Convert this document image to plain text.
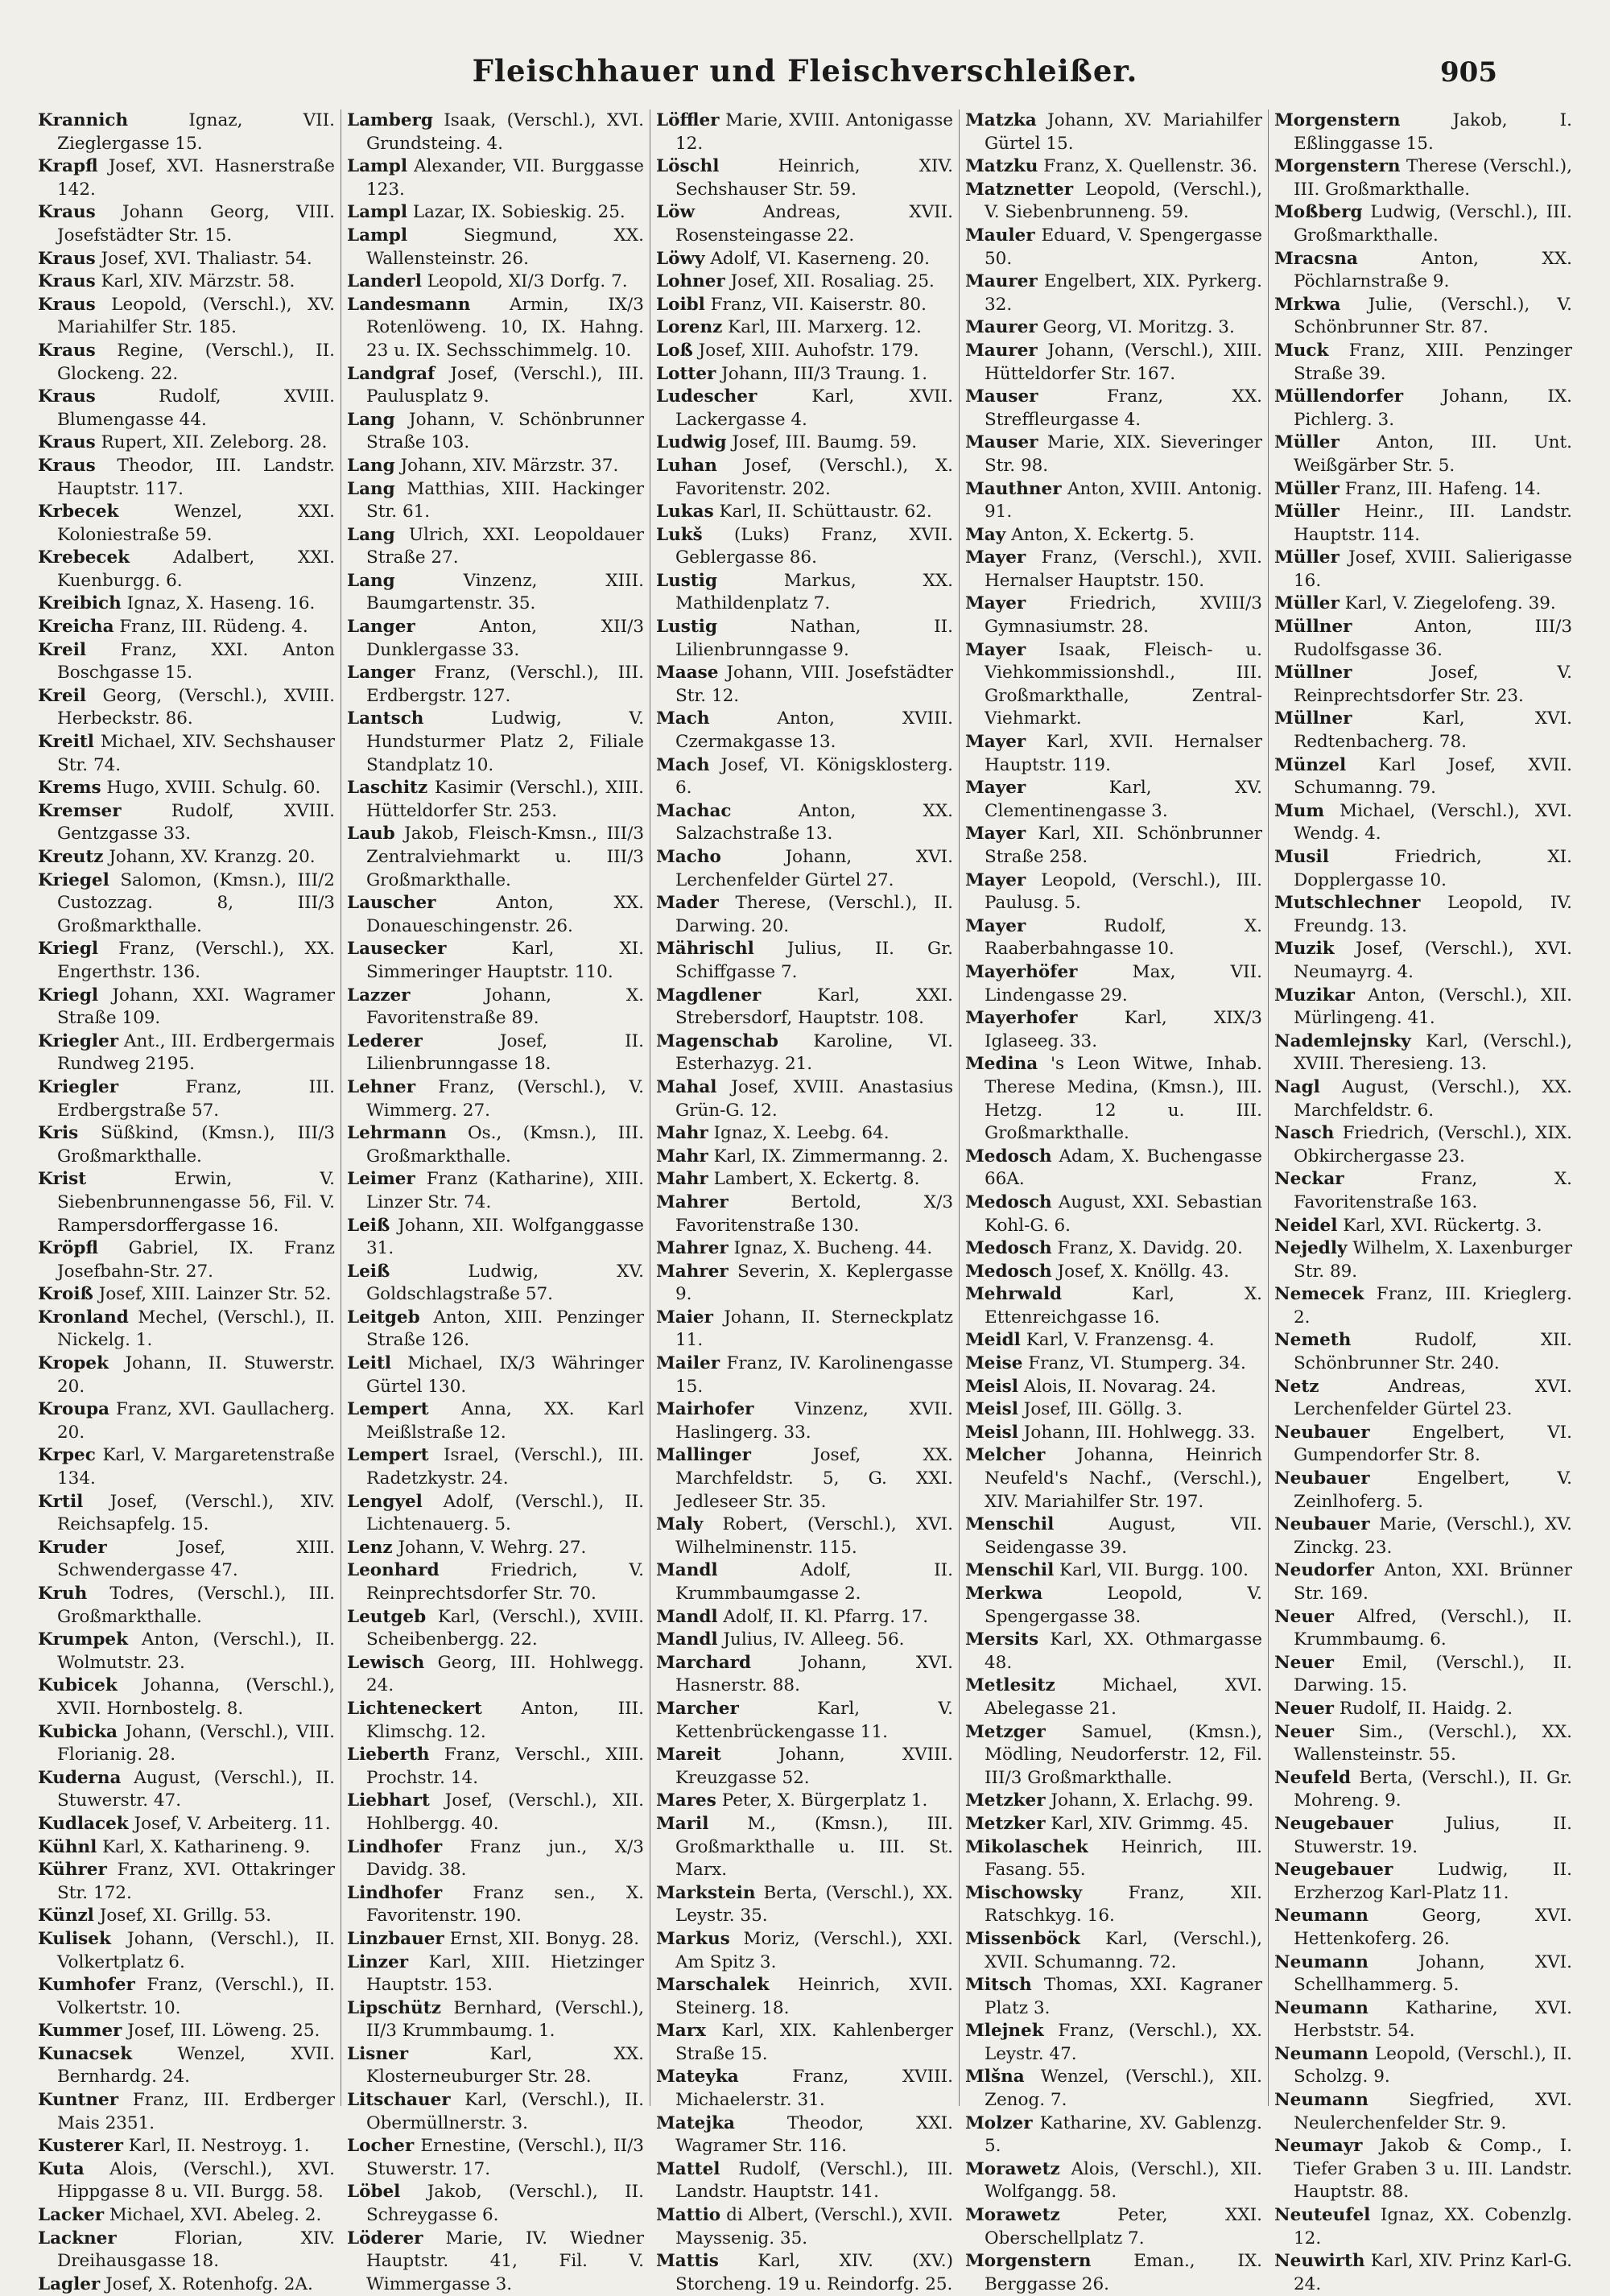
Fleischhauer und Fleischverschleißer.	905

Krannich	Ignaz, VII. Zieglergasse 15.

Krapfl Josef, XVI. Hasnerstraße 142.

Kraus Johann Georg, VIII. Josefstädter Str. 15.

Kraus Josef, XVI. Thaliastr. 54.

Kraus Karl, XIV. Märzstr. 58.

Kraus Leopold, (Verschl.), XV. Mariahilfer Str. 185.

Kraus Regine, (Verschl.), II. Glockeng. 22.

Kraus	Rudolf, XVIII. Blumengasse 44.

Kraus Rupert, XII. Zeleborg. 28.

Kraus Theodor, III. Landstr. Hauptstr. 117.

Krbecek	Wenzel, XXI. Koloniestraße 59.

Krebecek	Adalbert, XXI. Kuenburgg. 6.

Kreibich Ignaz, X. Haseng. 16.

Kreicha Franz, III. Rüdeng. 4.

Kreil Franz, XXI. Anton Boschgasse 15.

Kreil Georg, (Verschl.), XVIII. Herbeckstr. 86.

Kreitl Michael, XIV. Sechshauser Str. 74.

Krems Hugo, XVIII. Schulg. 60.

Kremser	Rudolf, XVIII. Gentzgasse 33.

Kreutz Johann, XV. Kranzg. 20.

Kriegel Salomon, (Kmsn.), III/2 Custozzag. 8, III/3 Großmarkthalle.

Kriegl Franz, (Verschl.), XX. Engerthstr. 136.

Kriegl Johann, XXI. Wagramer Straße 109.

Kriegler Ant., III. Erdbergermais Rundweg 2195.

Kriegler	Franz, III. Erdbergstraße 57.

Kris Süßkind, (Kmsn.), III/3 Großmarkthalle.

Krist	Erwin, V. Siebenbrunnengasse 56, Fil. V. Rampersdorffergasse 16.

Kröpfl Gabriel, IX. Franz Josefbahn-Str. 27.

Kroiß Josef, XIII. Lainzer Str. 52.

Kronland Mechel, (Verschl.), II. Nickelg. 1.

Kropek Johann, II. Stuwerstr. 20.

Kroupa Franz, XVI. Gaullacherg. 20.

Krpec Karl, V. Margaretenstraße 134.

Krtil Josef, (Verschl.), XIV. Reichsapfelg. 15.

Kruder	Josef, XIII. Schwendergasse 47.

Kruh Todres, (Verschl.), III. Großmarkthalle.

Krumpek Anton, (Verschl.), II. Wolmutstr. 23.

Kubicek Johanna, (Verschl.), XVII. Hornbostelg. 8.

Kubicka Johann, (Verschl.), VIII. Florianig. 28.

Kuderna August, (Verschl.), II. Stuwerstr. 47.

Kudlacek Josef, V. Arbeiterg. 11.

Kühnl Karl, X. Katharineng. 9.

Kührer Franz, XVI. Ottakringer Str. 172.

Künzl Josef, XI. Grillg. 53.

Kulisek Johann, (Verschl.), II. Volkertplatz 6.

Kumhofer Franz, (Verschl.), II. Volkertstr. 10.

Kummer Josef, III. Löweng. 25.

Kunacsek	Wenzel, XVII. Bernhardg. 24.

Kuntner Franz, III. Erdberger Mais 2351.

Kusterer Karl, II. Nestroyg. 1.

Kuta Alois, (Verschl.), XVI. Hippgasse 8 u. VII. Burgg. 58.

Lacker Michael, XVI. Abeleg. 2.

Lackner	Florian, XIV. Dreihausgasse 18.

Lagler Josef, X. Rotenhofg. 2A.

Lamberg Isaak, (Verschl.), XVI. Grundsteing. 4.

Lampl Alexander, VII. Burggasse 123.

Lampl Lazar, IX. Sobieskig. 25.

Lampl	Siegmund, XX. Wallensteinstr. 26.

Landerl Leopold, XI/3 Dorfg. 7.

Landesmann Armin, IX/3 Rotenlöweng. 10, IX. Hahng. 23 u. IX. Sechsschimmelg. 10.

Landgraf Josef, (Verschl.), III. Paulusplatz 9.

Lang Johann, V. Schönbrunner Straße 103.

Lang Johann, XIV. Märzstr. 37.

Lang Matthias, XIII. Hackinger Str. 61.

Lang Ulrich, XXI. Leopoldauer Straße 27.

Lang	Vinzenz, XIII. Baumgartenstr. 35.

Langer	Anton, XII/3 Dunklergasse 33.

Langer Franz, (Verschl.), III. Erdbergstr. 127.

Lantsch	Ludwig, V. Hundsturmer Platz 2, Filiale Standplatz 10.

Laschitz Kasimir (Verschl.), XIII. Hütteldorfer Str. 253.

Laub Jakob, Fleisch-Kmsn., III/3 Zentralviehmarkt u. III/3 Großmarkthalle.

Lauscher	Anton, XX. Donaueschingenstr. 26.

Lausecker	Karl, XI. Simmeringer Hauptstr. 110.

Lazzer	Johann, X. Favoritenstraße 89.

Lederer	Josef, II. Lilienbrunngasse 18.

Lehner Franz, (Verschl.), V. Wimmerg. 27.

Lehrmann Os., (Kmsn.), III. Großmarkthalle.

Leimer Franz (Katharine), XIII. Linzer Str. 74.

Leiß Johann, XII. Wolfganggasse 31.

Leiß	Ludwig, XV. Goldschlagstraße 57.

Leitgeb Anton, XIII. Penzinger Straße 126.

Leitl Michael, IX/3 Währinger Gürtel 130.

Lempert Anna, XX. Karl Meißlstraße 12.

Lempert Israel, (Verschl.), III. Radetzkystr. 24.

Lengyel Adolf, (Verschl.), II. Lichtenauerg. 5.

Lenz Johann, V. Wehrg. 27.

Leonhard	Friedrich, V. Reinprechtsdorfer Str. 70.

Leutgeb Karl, (Verschl.), XVIII. Scheibenbergg. 22.

Lewisch Georg, III. Hohlwegg. 24.

Lichteneckert Anton, III. Klimschg. 12.

Lieberth Franz, Verschl., XIII. Prochstr. 14.

Liebhart Josef, (Verschl.), XII. Hohlbergg. 40.

Lindhofer Franz jun., X/3 Davidg. 38.

Lindhofer Franz sen., X. Favoritenstr. 190.

Linzbauer Ernst, XII. Bonyg. 28.

Linzer Karl, XIII. Hietzinger Hauptstr. 153.

Lipschütz Bernhard, (Verschl.), II/3 Krummbaumg. 1.

Lisner	Karl, XX. Klosterneuburger Str. 28.

Litschauer Karl, (Verschl.), II. Obermüllnerstr. 3.

Locher Ernestine, (Verschl.), II/3 Stuwerstr. 17.

Löbel Jakob, (Verschl.), II. Schreygasse 6.

Löderer Marie, IV. Wiedner Hauptstr. 41, Fil. V. Wimmergasse 3.

Löffler Marie, XVIII. Antonigasse 12.

Löschl	Heinrich, XIV. Sechshauser Str. 59.

Löw	Andreas, XVII. Rosensteingasse 22.

Löwy Adolf, VI. Kaserneng. 20.

Lohner Josef, XII. Rosaliag. 25.

Loibl Franz, VII. Kaiserstr. 80.

Lorenz Karl, III. Marxerg. 12.

Loß Josef, XIII. Auhofstr. 179.

Lotter Johann, III/3 Traung. 1.

Ludescher	Karl, XVII. Lackergasse 4.

Ludwig Josef, III. Baumg. 59.

Luhan Josef, (Verschl.), X. Favoritenstr. 202.

Lukas Karl, II. Schüttaustr. 62.

Lukš (Luks) Franz, XVII. Geblergasse 86.

Lustig	Markus, XX. Mathildenplatz 7.

Lustig	Nathan, II. Lilienbrunngasse 9.

Maase Johann, VIII. Josefstädter Str. 12.

Mach	Anton, XVIII. Czermakgasse 13.

Mach Josef, VI. Königsklosterg. 6.

Machac	Anton, XX. Salzachstraße 13.

Macho	Johann, XVI. Lerchenfelder Gürtel 27.

Mader Therese, (Verschl.), II. Darwing. 20.

Mährischl Julius, II. Gr. Schiffgasse 7.

Magdlener	Karl, XXI. Strebersdorf, Hauptstr. 108.

Magenschab Karoline, VI. Esterhazyg. 21.

Mahal Josef, XVIII. Anastasius Grün-G. 12.

Mahr Ignaz, X. Leebg. 64.

Mahr Karl, IX. Zimmermanng. 2.

Mahr Lambert, X. Eckertg. 8.

Mahrer	Bertold, X/3 Favoritenstraße 130.

Mahrer Ignaz, X. Bucheng. 44.

Mahrer Severin, X. Keplergasse 9.

Maier Johann, II. Sterneckplatz 11.

Mailer Franz, IV. Karolinengasse 15.

Mairhofer Vinzenz, XVII. Haslingerg. 33.

Mallinger	Josef, XX. Marchfeldstr. 5, G. XXI. Jedleseer Str. 35.

Maly Robert, (Verschl.), XVI. Wilhelminenstr. 115.

Mandl	Adolf, II. Krummbaumgasse 2.

Mandl Adolf, II. Kl. Pfarrg. 17.

Mandl Julius, IV. Alleeg. 56.

Marchard	Johann, XVI. Hasnerstr. 88.

Marcher	Karl, V. Kettenbrückengasse 11.

Mareit	Johann, XVIII. Kreuzgasse 52.

Mares Peter, X. Bürgerplatz 1.

Maril M., (Kmsn.), III. Großmarkthalle u. III. St. Marx.

Markstein Berta, (Verschl.), XX. Leystr. 35.

Markus Moriz, (Verschl.), XXI. Am Spitz 3.

Marschalek Heinrich, XVII. Steinerg. 18.

Marx Karl, XIX. Kahlenberger Straße 15.

Mateyka	Franz, XVIII. Michaelerstr. 31.

Matejka	Theodor, XXI. Wagramer Str. 116.

Mattel Rudolf, (Verschl.), III. Landstr. Hauptstr. 141.

Mattio di Albert, (Verschl.), XVII. Mayssenig. 35.

Mattis Karl, XIV. (XV.) Storcheng. 19 u. Reindorfg. 25.

Matzka Johann, XV. Mariahilfer Gürtel 15.

Matzku Franz, X. Quellenstr. 36.

Matznetter Leopold, (Verschl.), V. Siebenbrunneng. 59.

Mauler Eduard, V. Spengergasse 50.

Maurer Engelbert, XIX. Pyrkerg. 32.

Maurer Georg, VI. Moritzg. 3.

Maurer Johann, (Verschl.), XIII. Hütteldorfer Str. 167.

Mauser	Franz, XX. Streffleurgasse 4.

Mauser Marie, XIX. Sieveringer Str. 98.

Mauthner Anton, XVIII. Antonig. 91.

May Anton, X. Eckertg. 5.

Mayer Franz, (Verschl.), XVII. Hernalser Hauptstr. 150.

Mayer	Friedrich, XVIII/3 Gymnasiumstr. 28.

Mayer Isaak, Fleisch- u. Viehkommissionshdl., III. Großmarkthalle, Zentral-Viehmarkt.

Mayer Karl, XVII. Hernalser Hauptstr. 119.

Mayer	Karl, XV. Clementinengasse 3.

Mayer Karl, XII. Schönbrunner Straße 258.

Mayer Leopold, (Verschl.), III. Paulusg. 5.

Mayer	Rudolf, X. Raaberbahngasse 10.

Mayerhöfer	Max, VII. Lindengasse 29.

Mayerhofer	Karl, XIX/3 Iglaseeg. 33.

Medina 's Leon Witwe, Inhab. Therese Medina, (Kmsn.), III. Hetzg. 12 u. III. Großmarkthalle.

Medosch Adam, X. Buchengasse 66A.

Medosch August, XXI. Sebastian Kohl-G. 6.

Medosch Franz, X. Davidg. 20.

Medosch Josef, X. Knöllg. 43.

Mehrwald	Karl, X. Ettenreichgasse 16.

Meidl Karl, V. Franzensg. 4.

Meise Franz, VI. Stumperg. 34.

Meisl Alois, II. Novarag. 24.

Meisl Josef, III. Göllg. 3.

Meisl Johann, III. Hohlwegg. 33.

Melcher Johanna, Heinrich Neufeld's Nachf., (Verschl.), XIV. Mariahilfer Str. 197.

Menschil	August, VII. Seidengasse 39.

Menschil Karl, VII. Burgg. 100.

Merkwa	Leopold, V. Spengergasse 38.

Mersits Karl, XX. Othmargasse 48.

Metlesitz	Michael, XVI. Abelegasse 21.

Metzger Samuel, (Kmsn.), Mödling, Neudorferstr. 12, Fil. III/3 Großmarkthalle.

Metzker Johann, X. Erlachg. 99.

Metzker Karl, XIV. Grimmg. 45.

Mikolaschek Heinrich, III. Fasang. 55.

Mischowsky	Franz, XII. Ratschkyg. 16.

Missenböck Karl, (Verschl.), XVII. Schumanng. 72.

Mitsch Thomas, XXI. Kagraner Platz 3.

Mlejnek Franz, (Verschl.), XX. Leystr. 47.

Mlšna Wenzel, (Verschl.), XII. Zenog. 7.

Molzer Katharine, XV. Gablenzg. 5.

Morawetz Alois, (Verschl.), XII. Wolfgangg. 58.

Morawetz	Peter, XXI. Oberschellplatz 7.

Morgenstern Eman., IX. Berggasse 26.

Morgenstern	Jakob, I. Eßlinggasse 15.

Morgenstern Therese (Verschl.), III. Großmarkthalle.

Moßberg Ludwig, (Verschl.), III. Großmarkthalle.

Mracsna	Anton, XX. Pöchlarnstraße 9.

Mrkwa Julie, (Verschl.), V. Schönbrunner Str. 87.

Muck Franz, XIII. Penzinger Straße 39.

Müllendorfer Johann, IX. Pichlerg. 3.

Müller Anton, III. Unt. Weißgärber Str. 5.

Müller Franz, III. Hafeng. 14.

Müller Heinr., III. Landstr. Hauptstr. 114.

Müller Josef, XVIII. Salierigasse 16.

Müller Karl, V. Ziegelofeng. 39.

Müllner	Anton, III/3 Rudolfsgasse 36.

Müllner	Josef, V. Reinprechtsdorfer Str. 23.

Müllner	Karl, XVI. Redtenbacherg. 78.

Münzel Karl Josef, XVII. Schumanng. 79.

Mum Michael, (Verschl.), XVI. Wendg. 4.

Musil	Friedrich, XI. Dopplergasse 10.

Mutschlechner Leopold, IV. Freundg. 13.

Muzik Josef, (Verschl.), XVI. Neumayrg. 4.

Muzikar Anton, (Verschl.), XII. Mürlingeng. 41.

Nademlejnsky Karl, (Verschl.), XVIII. Theresieng. 13.

Nagl August, (Verschl.), XX. Marchfeldstr. 6.

Nasch Friedrich, (Verschl.), XIX. Obkirchergasse 23.

Neckar	Franz, X. Favoritenstraße 163.

Neidel Karl, XVI. Rückertg. 3.

Nejedly Wilhelm, X. Laxenburger Str. 89.

Nemecek Franz, III. Krieglerg. 2.

Nemeth	Rudolf, XII. Schönbrunner Str. 240.

Netz	Andreas, XVI. Lerchenfelder Gürtel 23.

Neubauer Engelbert, VI. Gumpendorfer Str. 8.

Neubauer	Engelbert, V. Zeinlhoferg. 5.

Neubauer Marie, (Verschl.), XV. Zinckg. 23.

Neudorfer Anton, XXI. Brünner Str. 169.

Neuer Alfred, (Verschl.), II. Krummbaumg. 6.

Neuer Emil, (Verschl.), II. Darwing. 15.

Neuer Rudolf, II. Haidg. 2.

Neuer Sim., (Verschl.), XX. Wallensteinstr. 55.

Neufeld Berta, (Verschl.), II. Gr. Mohreng. 9.

Neugebauer	Julius, II. Stuwerstr. 19.

Neugebauer	Ludwig, II. Erzherzog Karl-Platz 11.

Neumann	Georg, XVI. Hettenkoferg. 26.

Neumann	Johann, XVI. Schellhammerg. 5.

Neumann Katharine, XVI. Herbststr. 54.

Neumann Leopold, (Verschl.), II. Scholzg. 9.

Neumann Siegfried, XVI. Neulerchenfelder Str. 9.

Neumayr Jakob & Comp., I. Tiefer Graben 3 u. III. Landstr. Hauptstr. 88.

Neuteufel Ignaz, XX. Cobenzlg. 12.

Neuwirth Karl, XIV. Prinz Karl-G. 24.
